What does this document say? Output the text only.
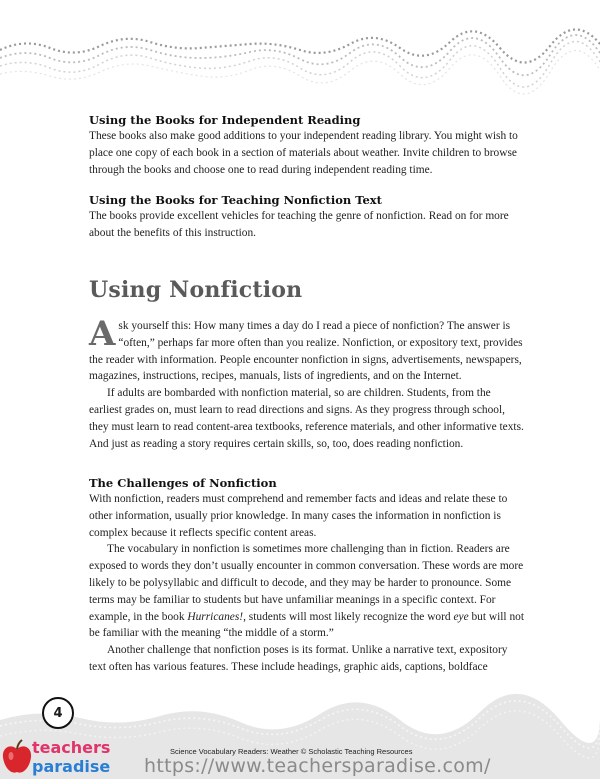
Using the Books for Independent Reading

These books also make good additions to your independent reading library. You might wish to place one copy of each book in a section of materials about weather. Invite children to browse through the books and choose one to read during independent reading time.

Using the Books for Teaching Nonfiction Text

The books provide excellent vehicles for teaching the genre of nonfiction. Read on for more about the benefits of this instruction.

Using Nonfiction

Ask yourself this: How many times a day do I read a piece of nonfiction? The answer is “often,” perhaps far more often than you realize. Nonfiction, or expository text, provides the reader with information. People encounter nonfiction in signs, advertisements, newspapers, magazines, instructions, recipes, manuals, lists of ingredients, and on the Internet.

If adults are bombarded with nonfiction material, so are children. Students, from the earliest grades on, must learn to read directions and signs. As they progress through school, they must learn to read content-area textbooks, reference materials, and other informative texts. And just as reading a story requires certain skills, so, too, does reading nonfiction.

The Challenges of Nonfiction

With nonfiction, readers must comprehend and remember facts and ideas and relate these to other information, usually prior knowledge. In many cases the information in nonfiction is complex because it reflects specific content areas.

The vocabulary in nonfiction is sometimes more challenging than in fiction. Readers are exposed to words they don’t usually encounter in common conversation. These words are more likely to be polysyllabic and difficult to decode, and they may be harder to pronounce. Some terms may be familiar to students but have unfamiliar meanings in a specific context. For example, in the book Hurricanes!, students will most likely recognize the word eye but will not be familiar with the meaning “the middle of a storm.”

Another challenge that nonfiction poses is its format. Unlike a narrative text, expository text often has various features. These include headings, graphic aids, captions, boldface

4
Science Vocabulary Readers: Weather © Scholastic Teaching Resources
teachers
paradise https://www.teachersparadise.com/
